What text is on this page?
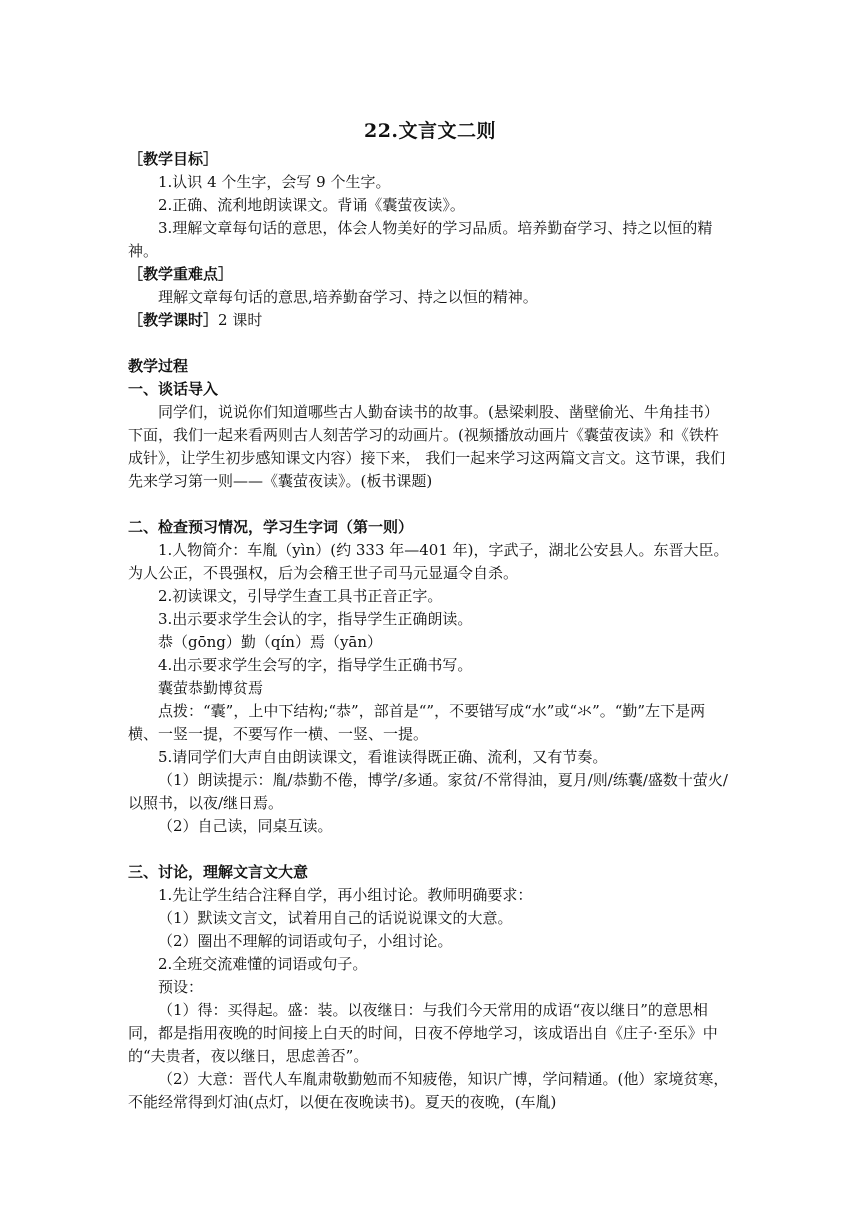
22.文言文二则

［教学目标］

1.认识 4 个生字，会写 9 个生字。

2.正确、流利地朗读课文。背诵《囊萤夜读》。

3.理解文章每句话的意思，体会人物美好的学习品质。培养勤奋学习、持之以恒的精神。

［教学重难点］

理解文章每句话的意思,培养勤奋学习、持之以恒的精神。

［教学课时］2 课时

教学过程

一、谈话导入

同学们，说说你们知道哪些古人勤奋读书的故事。(悬梁刺股、凿壁偷光、牛角挂书）下面，我们一起来看两则古人刻苦学习的动画片。(视频播放动画片《囊萤夜读》和《铁杵成针》，让学生初步感知课文内容）接下来， 我们一起来学习这两篇文言文。这节课，我们先来学习第一则——《囊萤夜读》。(板书课题)

二、检查预习情况，学习生字词（第一则）

1.人物简介：车胤（yìn）(约 333 年—401 年)，字武子，湖北公安县人。东晋大臣。为人公正，不畏强权，后为会稽王世子司马元显逼令自杀。

2.初读课文，引导学生查工具书正音正字。

3.出示要求学生会认的字，指导学生正确朗读。

恭（gōng）勤（qín）焉（yān）

4.出示要求学生会写的字，指导学生正确书写。

囊萤恭勤博贫焉

点拨：“囊”，上中下结构;“恭”，部首是“”，不要错写成“水”或“氺”。“勤”左下是两横、一竖一提，不要写作一横、一竖、一提。

5.请同学们大声自由朗读课文，看谁读得既正确、流利，又有节奏。

（1）朗读提示：胤/恭勤不倦，博学/多通。家贫/不常得油，夏月/则/练囊/盛数十萤火/以照书，以夜/继日焉。

（2）自己读，同桌互读。

三、讨论，理解文言文大意

1.先让学生结合注释自学，再小组讨论。教师明确要求：

（1）默读文言文，试着用自己的话说说课文的大意。

（2）圈出不理解的词语或句子，小组讨论。

2.全班交流难懂的词语或句子。

预设：

（1）得：买得起。盛：装。以夜继日：与我们今天常用的成语“夜以继日”的意思相同，都是指用夜晚的时间接上白天的时间，日夜不停地学习，该成语出自《庄子·至乐》中的“夫贵者，夜以继日，思虑善否”。

（2）大意：晋代人车胤肃敬勤勉而不知疲倦，知识广博，学问精通。(他）家境贫寒，不能经常得到灯油(点灯，以便在夜晚读书)。夏天的夜晚，(车胤)
